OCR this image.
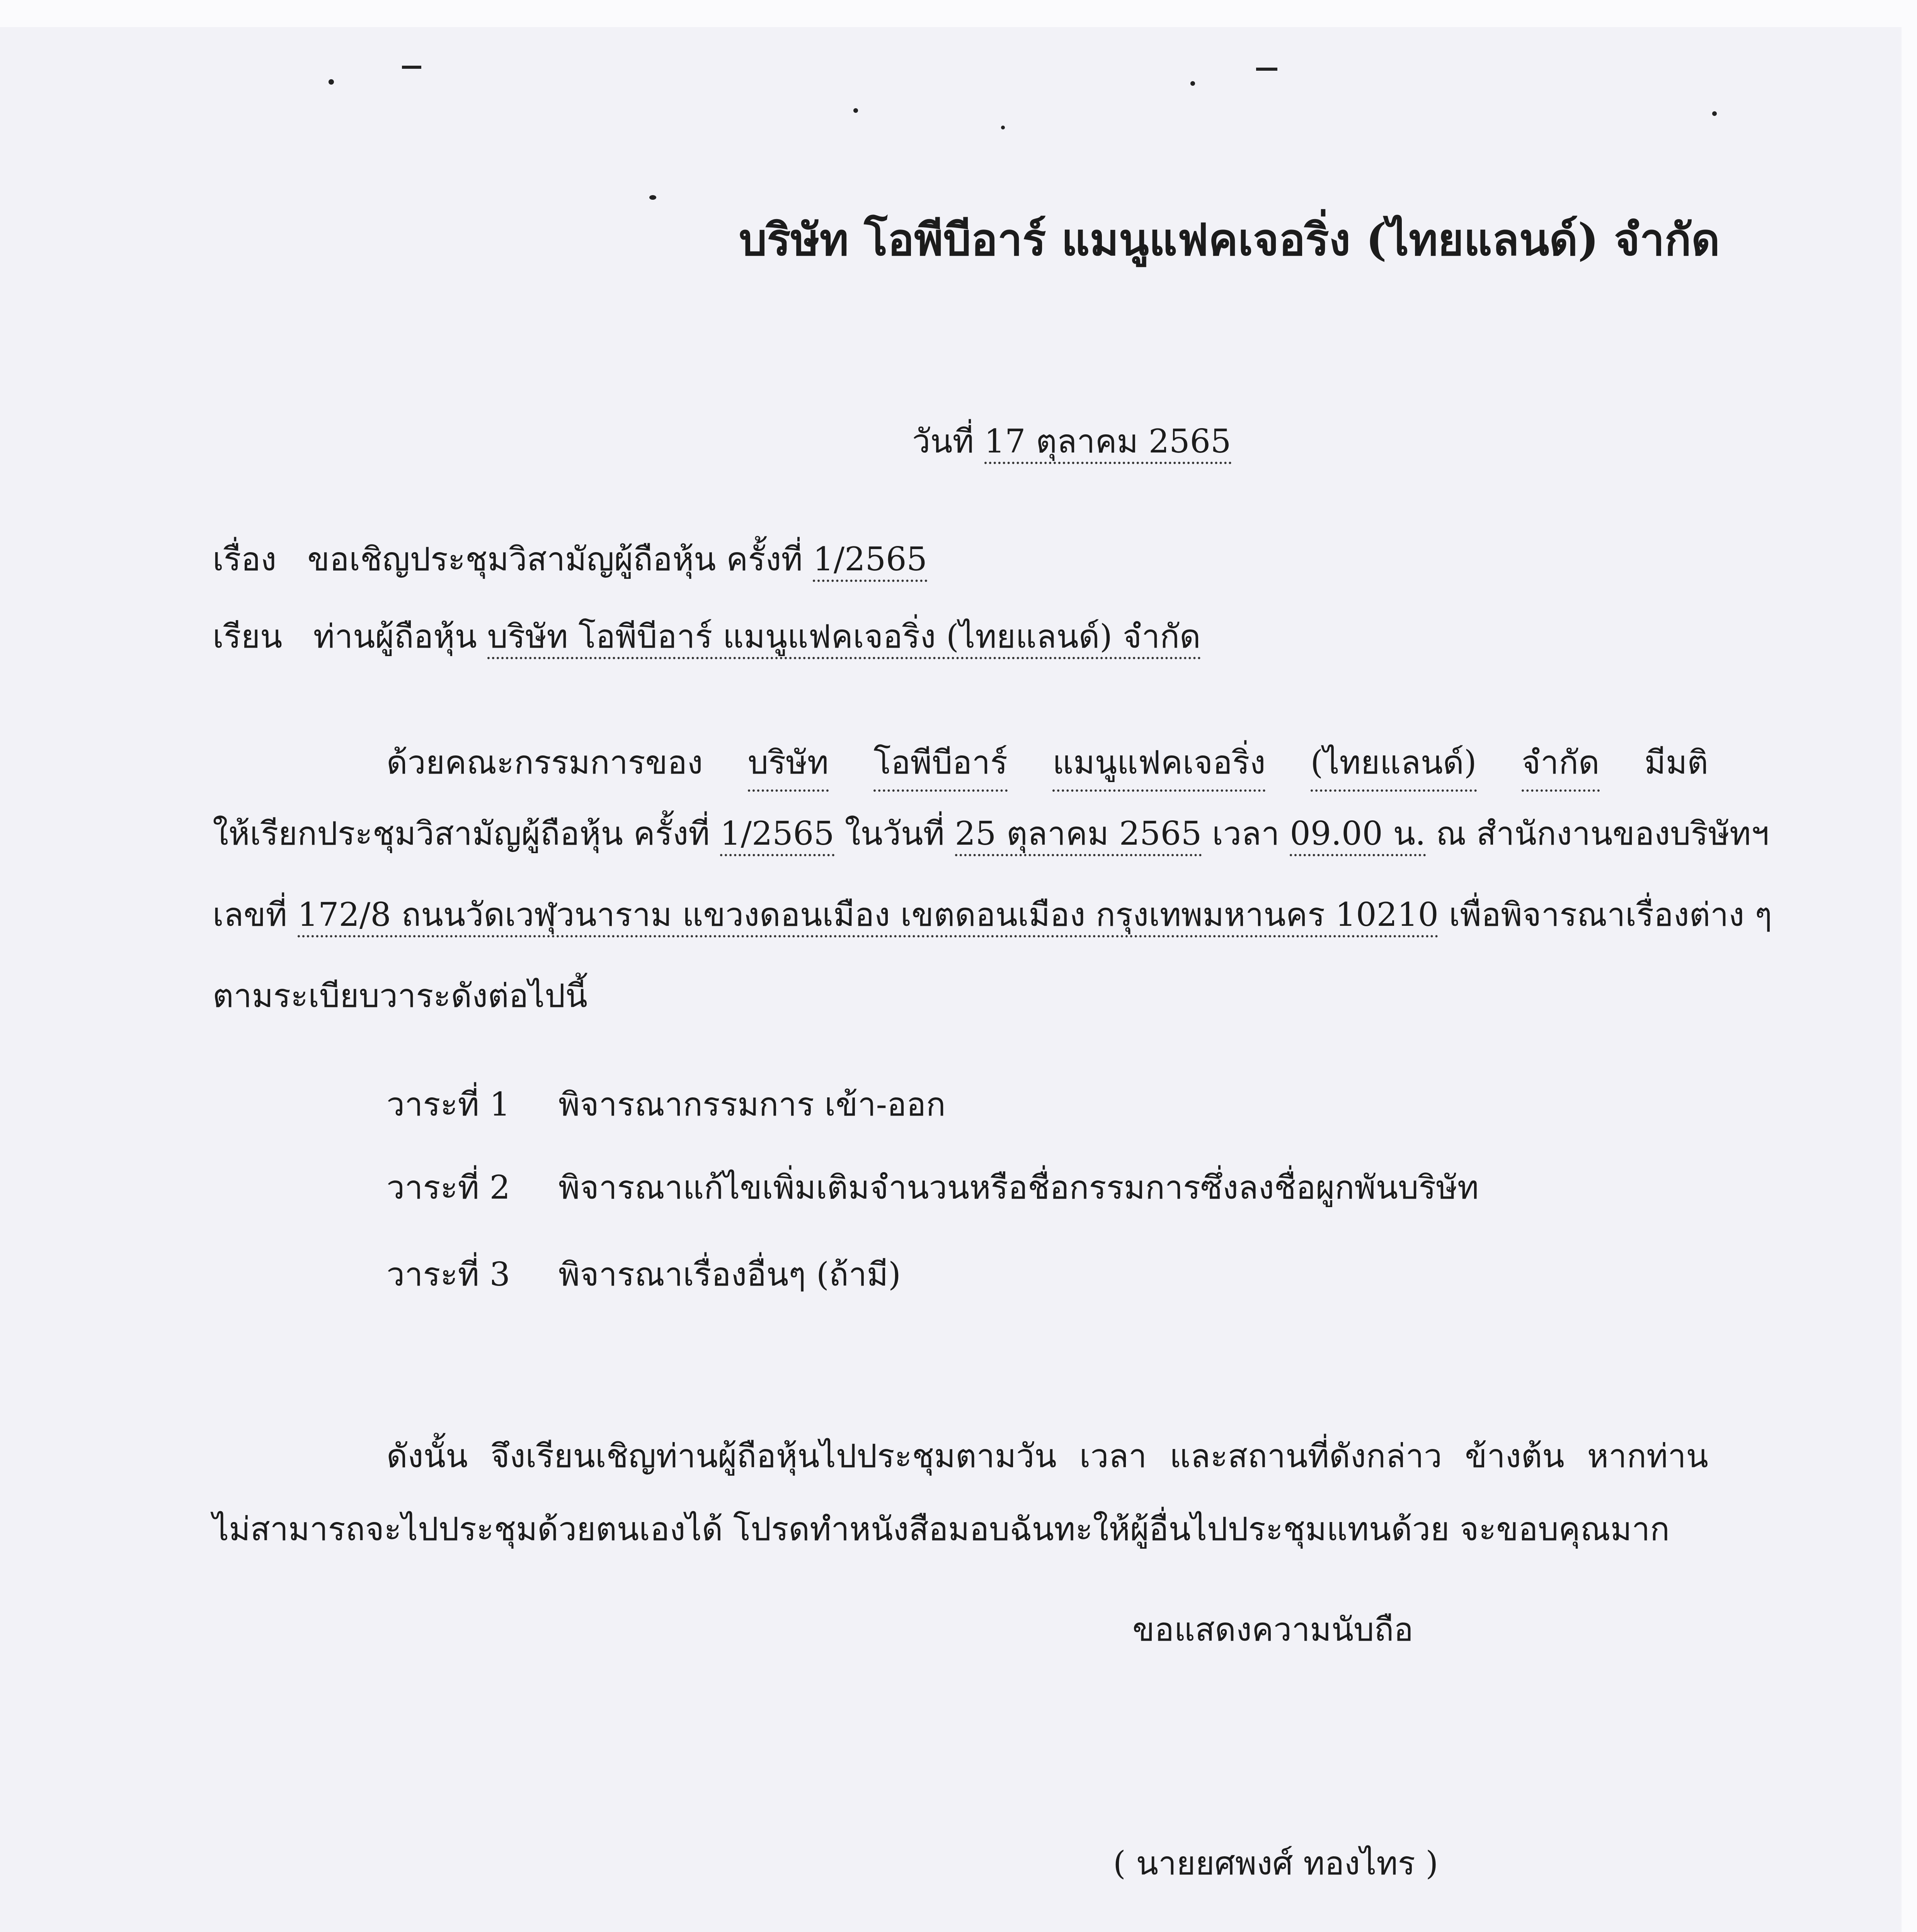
บริษัท โอพีบีอาร์ แมนูแฟคเจอริ่ง (ไทยแลนด์) จำกัด
วันที่ 17 ตุลาคม 2565
เรื่อง ขอเชิญประชุมวิสามัญผู้ถือหุ้น ครั้งที่ 1/2565
เรียน ท่านผู้ถือหุ้น บริษัท โอพีบีอาร์ แมนูแฟคเจอริ่ง (ไทยแลนด์) จำกัด
ด้วยคณะกรรมการของ บริษัท โอพีบีอาร์ แมนูแฟคเจอริ่ง (ไทยแลนด์) จำกัด มีมติ
ให้เรียกประชุมวิสามัญผู้ถือหุ้น ครั้งที่ 1/2565 ในวันที่ 25 ตุลาคม 2565 เวลา 09.00 น. ณ สำนักงานของบริษัทฯ
เลขที่ 172/8 ถนนวัดเวฬุวนาราม แขวงดอนเมือง เขตดอนเมือง กรุงเทพมหานคร 10210 เพื่อพิจารณาเรื่องต่าง ๆ
ตามระเบียบวาระดังต่อไปนี้
วาระที่ 1 พิจารณากรรมการ เข้า-ออก
วาระที่ 2 พิจารณาแก้ไขเพิ่มเติมจำนวนหรือชื่อกรรมการซึ่งลงชื่อผูกพันบริษัท
วาระที่ 3 พิจารณาเรื่องอื่นๆ (ถ้ามี)
ดังนั้น จึงเรียนเชิญท่านผู้ถือหุ้นไปประชุมตามวัน เวลา และสถานที่ดังกล่าว ข้างต้น หากท่าน
ไม่สามารถจะไปประชุมด้วยตนเองได้ โปรดทำหนังสือมอบฉันทะให้ผู้อื่นไปประชุมแทนด้วย จะขอบคุณมาก
ขอแสดงความนับถือ
( นายยศพงศ์ ทองไทร )
